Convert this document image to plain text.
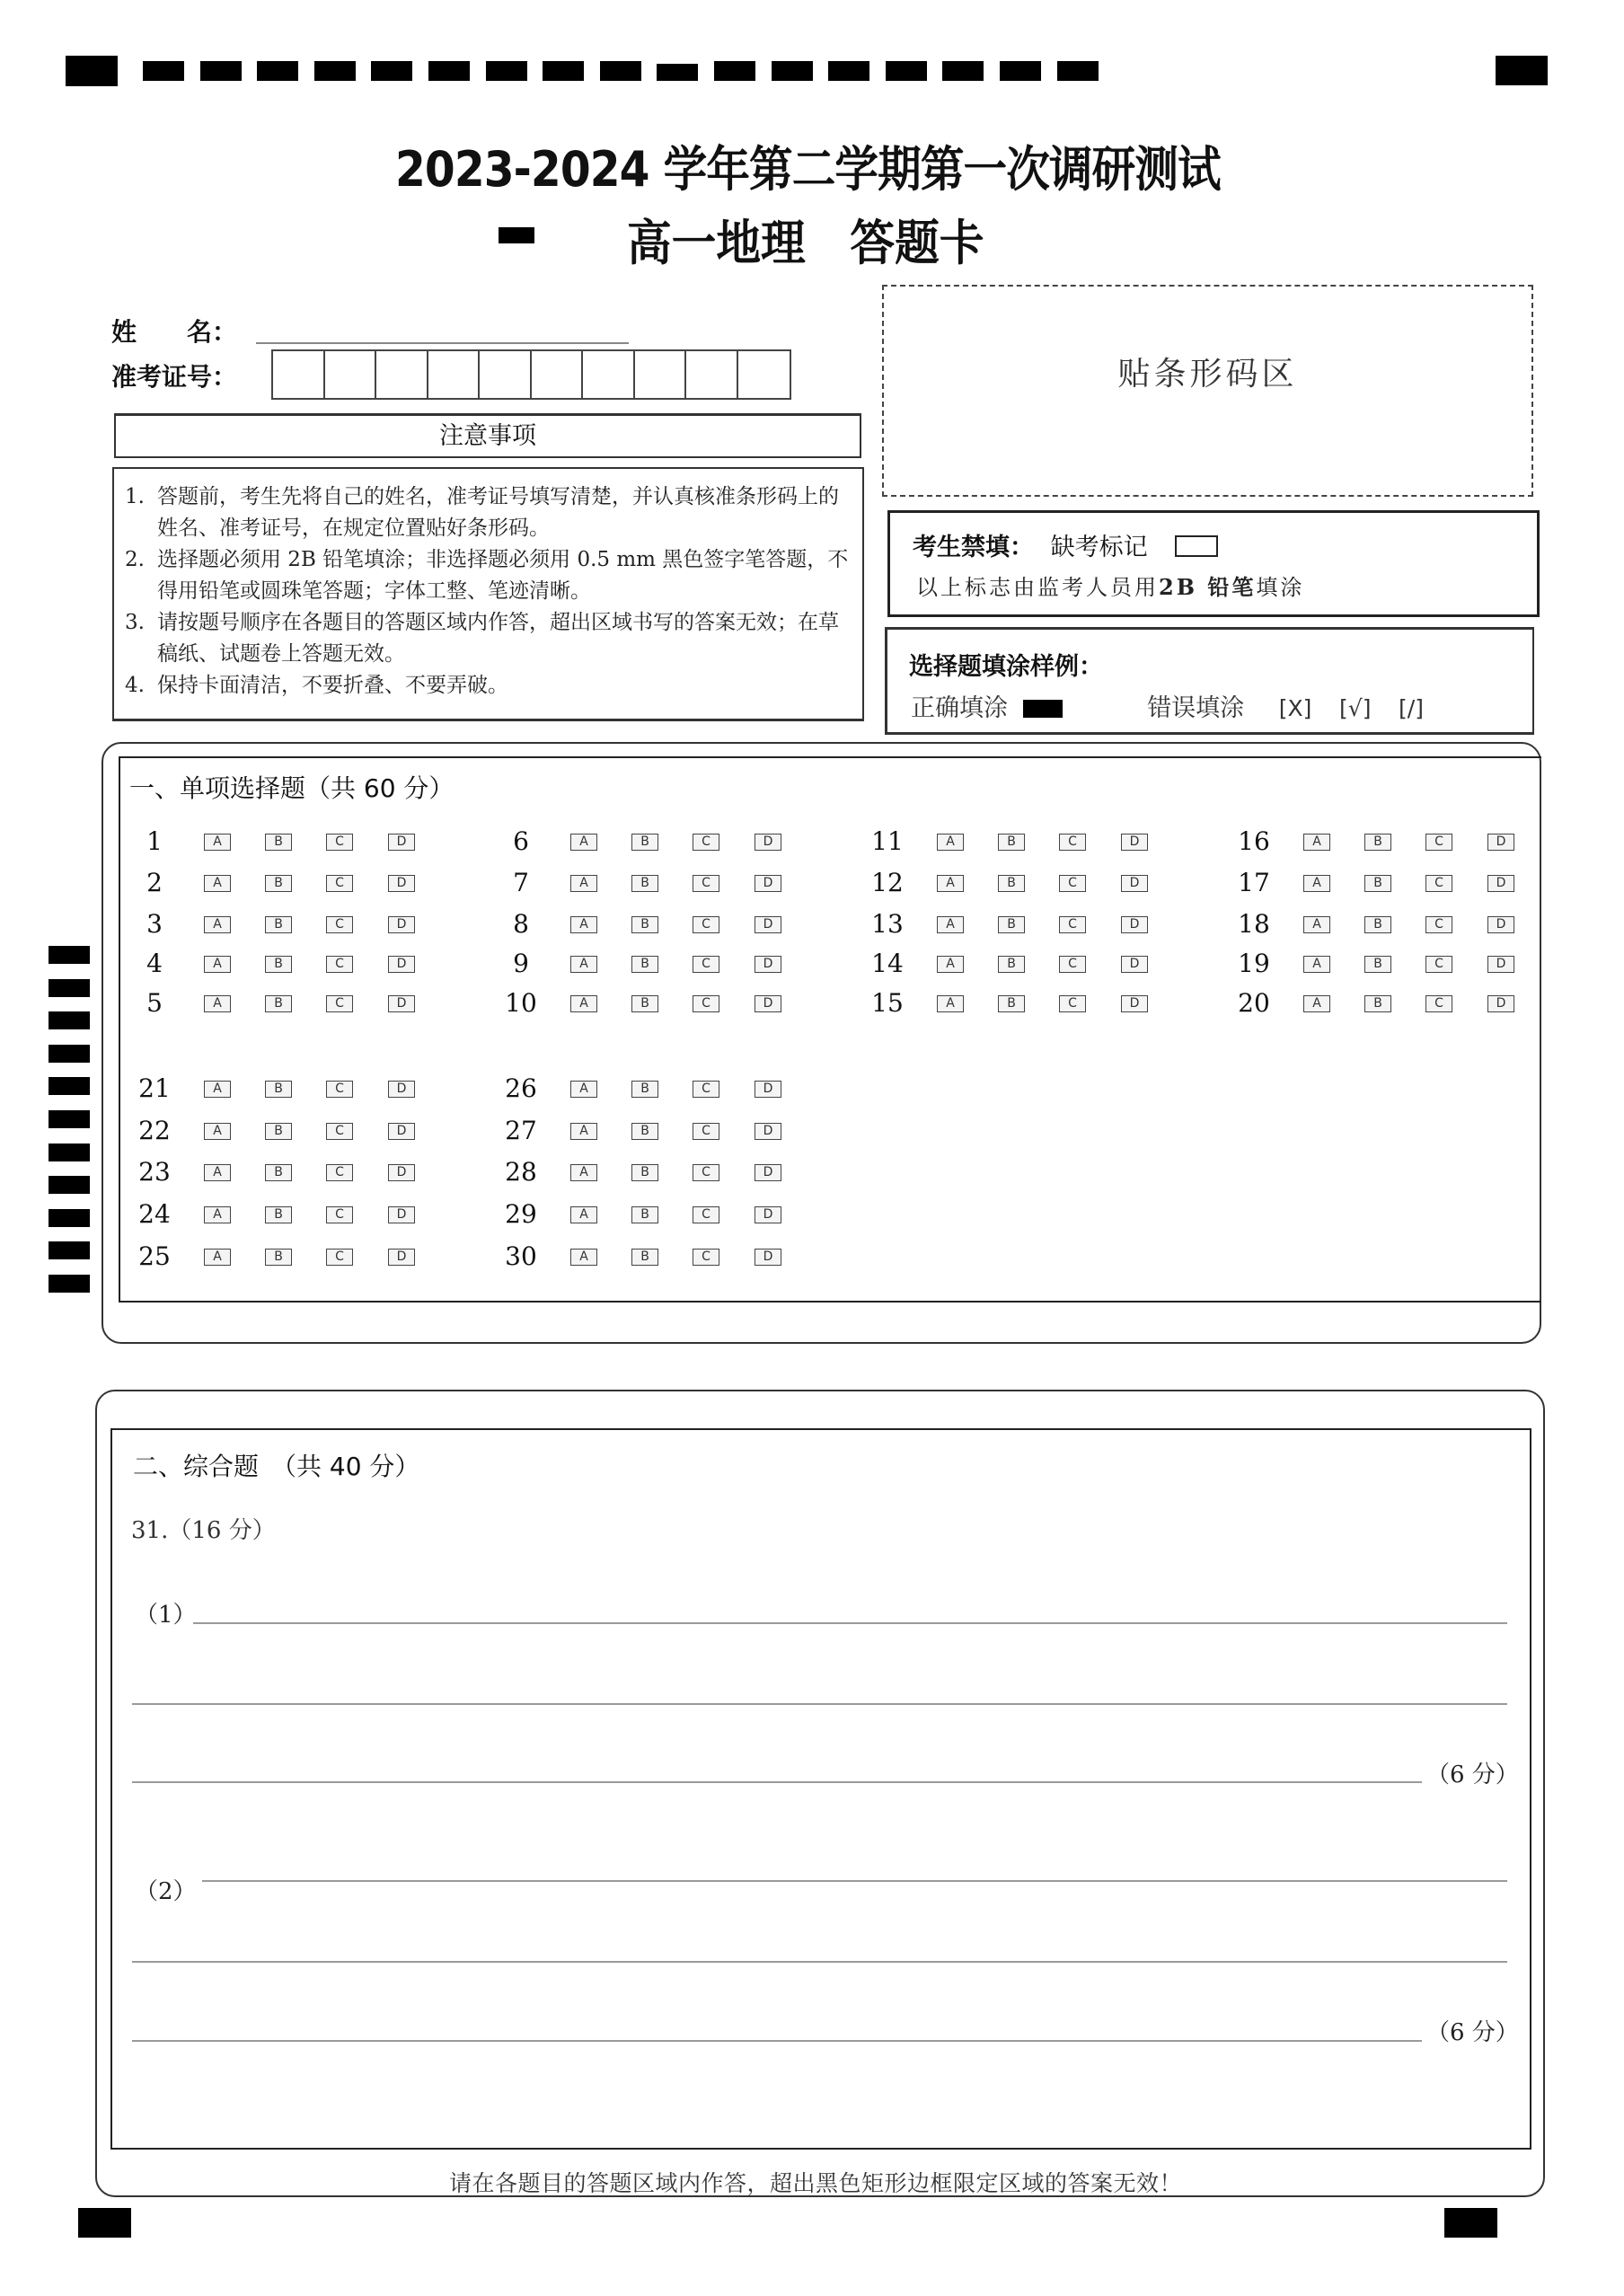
2023-2024 学年第二学期第一次调研测试
高一地理　答题卡
姓　　名：
准考证号：
注意事项
1. 答题前，考生先将自己的姓名，准考证号填写清楚，并认真核准条形码上的姓名、准考证号，在规定位置贴好条形码。
2. 选择题必须用 2B 铅笔填涂；非选择题必须用 0.5 mm 黑色签字笔答题，不得用铅笔或圆珠笔答题；字体工整、笔迹清晰。
3. 请按题号顺序在各题目的答题区域内作答，超出区域书写的答案无效；在草稿纸、试题卷上答题无效。
4. 保持卡面清洁，不要折叠、不要弄破。
贴条形码区
考生禁填： 缺考标记
以上标志由监考人员用2B 铅笔填涂
选择题填涂样例：
正确填涂	错误填涂 [X] [√] [/]
一、单项选择题（共 60 分）
1	A	B	C	D
2	A	B	C	D
3	A	B	C	D
4	A	B	C	D
5	A	B	C	D
6	A	B	C	D
7	A	B	C	D
8	A	B	C	D
9	A	B	C	D
10	A	B	C	D
11	A	B	C	D
12	A	B	C	D
13	A	B	C	D
14	A	B	C	D
15	A	B	C	D
16	A	B	C	D
17	A	B	C	D
18	A	B	C	D
19	A	B	C	D
20	A	B	C	D
21	A	B	C	D
22	A	B	C	D
23	A	B	C	D
24	A	B	C	D
25	A	B	C	D
26	A	B	C	D
27	A	B	C	D
28	A	B	C	D
29	A	B	C	D
30	A	B	C	D
二、综合题　（共 40 分）
31.（16 分）
（1）
（6 分）
（2）
（6 分）
请在各题目的答题区域内作答，超出黑色矩形边框限定区域的答案无效！
